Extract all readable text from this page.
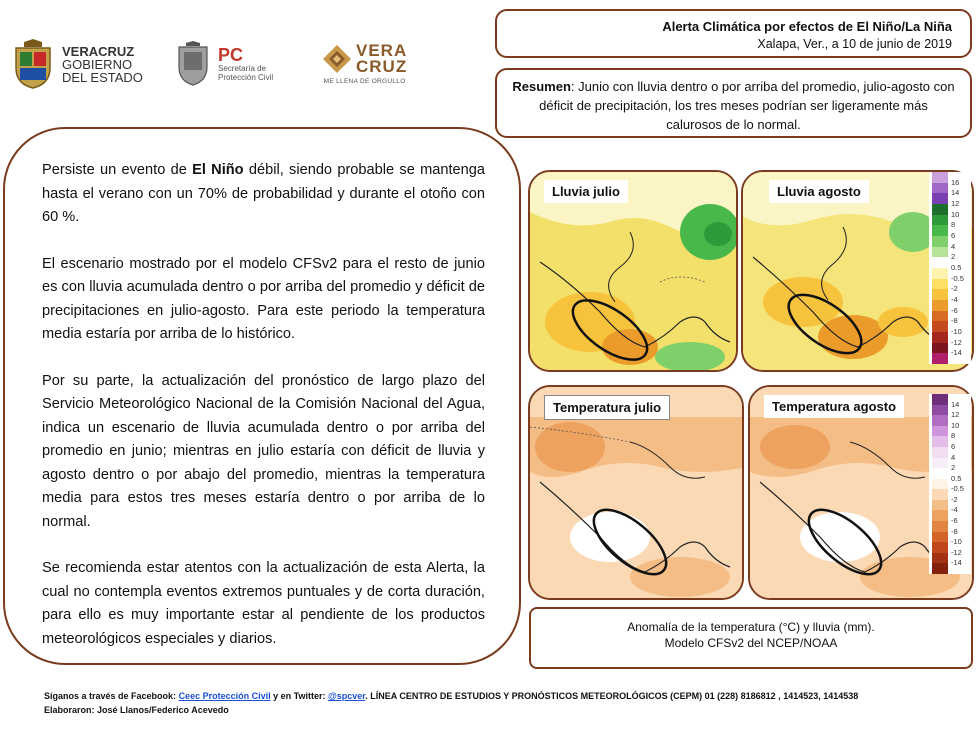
VERACRUZ
GOBIERNO
DEL ESTADO
PC
Secretaría de
Protección Civil
VERA
CRUZ
ME LLENA DE ORGULLO
Alerta Climática por efectos de El Niño/La Niña
Xalapa, Ver., a 10 de junio de 2019
Resumen: Junio con lluvia dentro o por arriba del promedio, julio-agosto con déficit de precipitación, los tres meses podrían ser ligeramente más calurosos de lo normal.

Persiste un evento de El Niño débil, siendo probable se mantenga hasta el verano con un 70% de probabilidad y durante el otoño con 60 %.

El escenario mostrado por el modelo CFSv2 para el resto de junio es con lluvia acumulada dentro o por arriba del promedio y déficit de precipitaciones en julio-agosto. Para este periodo la temperatura media estaría por arriba de lo histórico.

Por su parte, la actualización del pronóstico de largo plazo del Servicio Meteorológico Nacional de la Comisión Nacional del Agua, indica un escenario de lluvia acumulada dentro o por arriba del promedio en junio; mientras en julio estaría con déficit de lluvia y agosto dentro o por abajo del promedio, mientras la temperatura media para estos tres meses estaría dentro o por arriba de lo normal.

Se recomienda estar atentos con la actualización de esta Alerta, la cual no contempla eventos extremos puntuales y de corta duración, para ello es muy importante estar al pendiente de los productos meteorológicos especiales y diarios.

Lluvia julio	Lluvia agosto
Temperatura julio	Temperatura agosto
16
14
12
10
8
6
4
2
0.5
-0.5
-2
-4
-6
-8
-10
-12
-14
14
12
10
8
6
4
2
0.5
-0.5
-2
-4
-6
-8
-10
-12
-14
Anomalía de la temperatura (°C) y lluvia (mm).
Modelo CFSv2 del NCEP/NOAA
Síganos a través de Facebook: Ceec Protección Civil y en Twitter: @spcver. LÍNEA CENTRO DE ESTUDIOS Y PRONÓSTICOS METEOROLÓGICOS (CEPM) 01 (228) 8186812 , 1414523, 1414538
Elaboraron: José Llanos/Federico Acevedo
